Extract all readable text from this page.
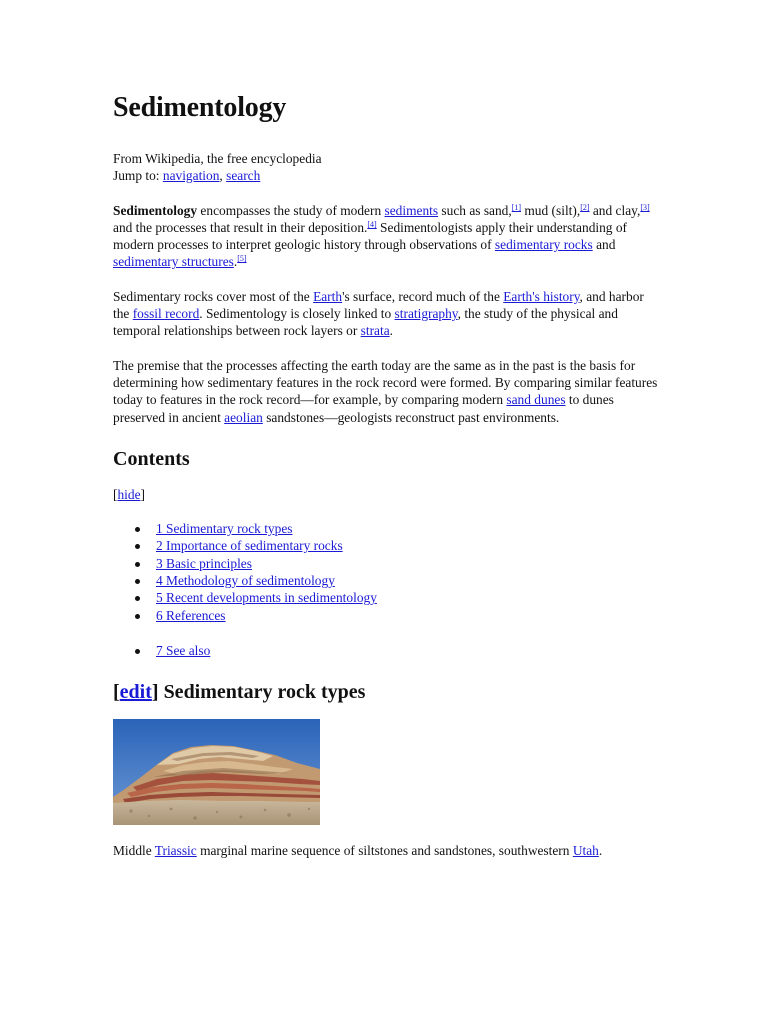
Sedimentology

From Wikipedia, the free encyclopedia

Jump to: navigation, search

Sedimentology encompasses the study of modern sediments such as sand,[1] mud (silt),[2] and clay,[3] and the processes that result in their deposition.[4] Sedimentologists apply their understanding of modern processes to interpret geologic history through observations of sedimentary rocks and sedimentary structures.[5]

Sedimentary rocks cover most of the Earth's surface, record much of the Earth's history, and harbor the fossil record. Sedimentology is closely linked to stratigraphy, the study of the physical and temporal relationships between rock layers or strata.

The premise that the processes affecting the earth today are the same as in the past is the basis for determining how sedimentary features in the rock record were formed. By comparing similar features today to features in the rock record—for example, by comparing modern sand dunes to dunes preserved in ancient aeolian sandstones—geologists reconstruct past environments.

Contents

[hide]

1 Sedimentary rock types
2 Importance of sedimentary rocks
3 Basic principles
4 Methodology of sedimentology
5 Recent developments in sedimentology
6 References
7 See also
[edit] Sedimentary rock types

Middle Triassic marginal marine sequence of siltstones and sandstones, southwestern Utah.
